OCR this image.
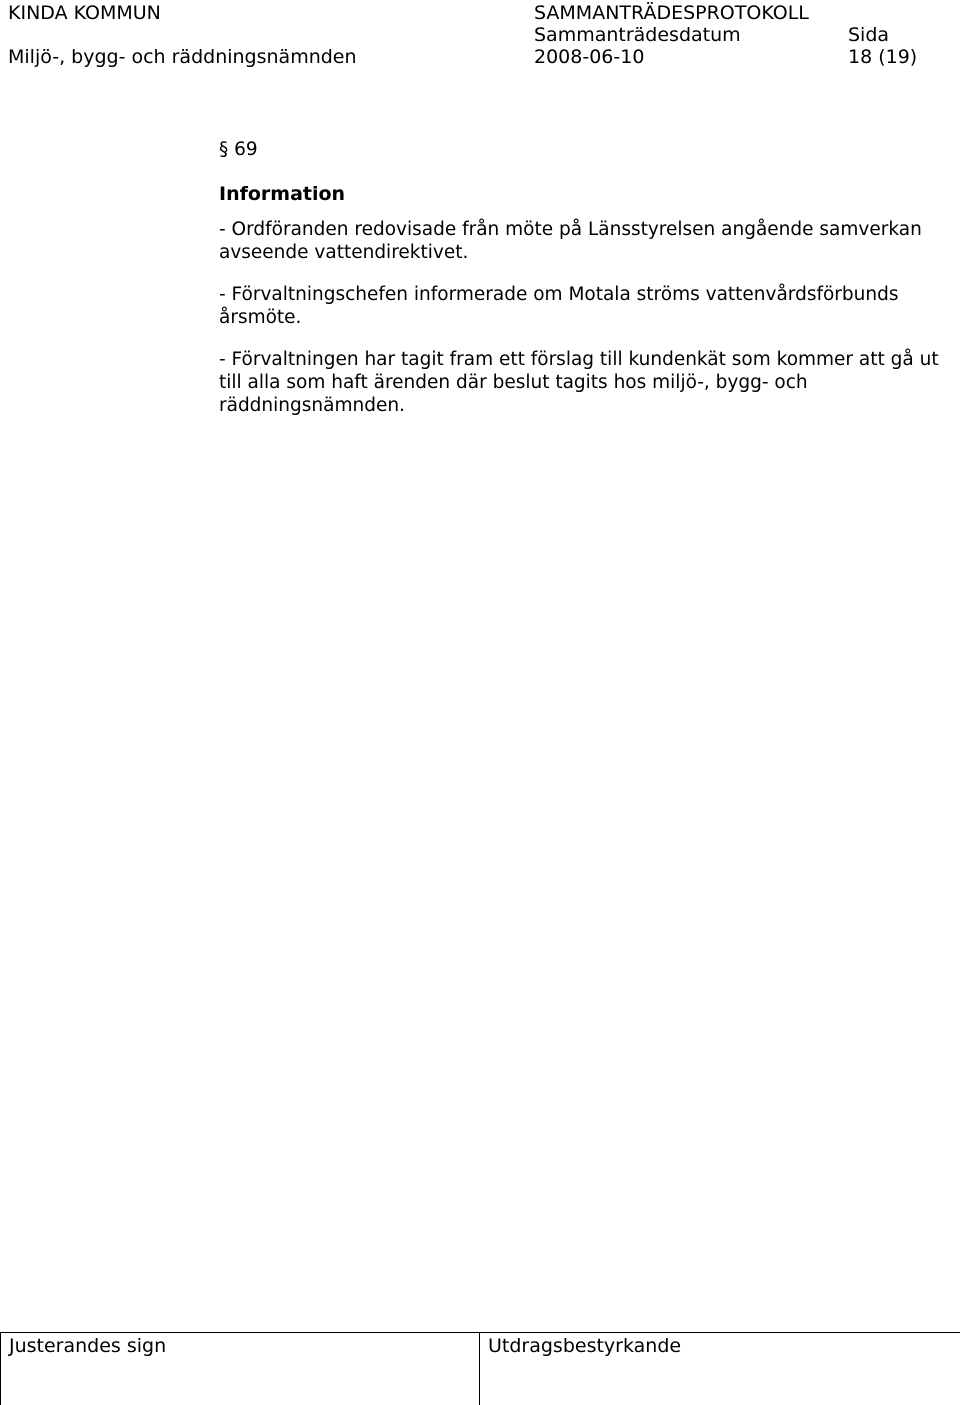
KINDA KOMMUN
Miljö-, bygg- och räddningsnämnden
SAMMANTRÄDESPROTOKOLL
Sammanträdesdatum
2008-06-10
Sida
18 (19)
§ 69
Information
- Ordföranden redovisade från möte på Länsstyrelsen angående samverkan avseende vattendirektivet.
- Förvaltningschefen informerade om Motala ströms vattenvårdsförbunds årsmöte.
- Förvaltningen har tagit fram ett förslag till kundenkät som kommer att gå ut till alla som haft ärenden där beslut tagits hos miljö-, bygg- och räddningsnämnden.
Justerandes sign	Utdragsbestyrkande
